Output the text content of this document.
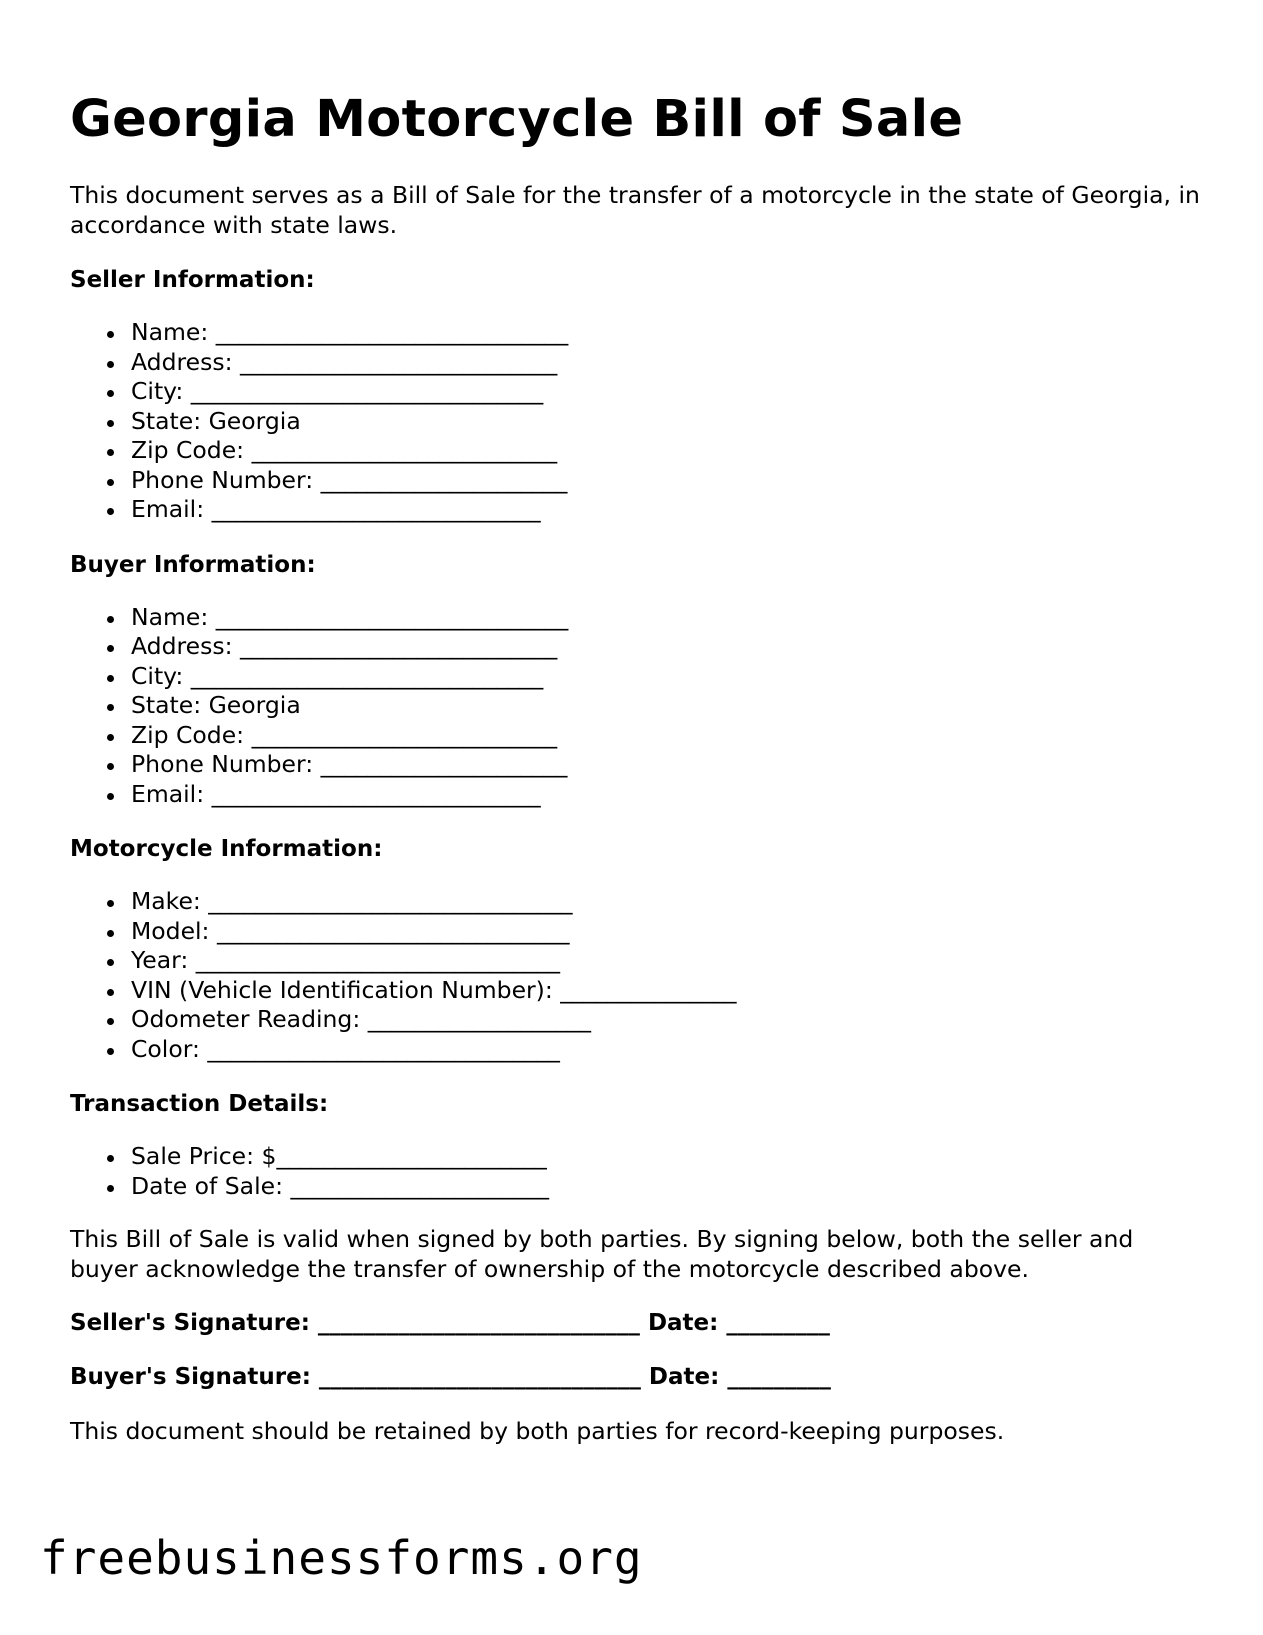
Georgia Motorcycle Bill of Sale

This document serves as a Bill of Sale for the transfer of a motorcycle in the state of Georgia, in accordance with state laws.

Seller Information:
Name: ______________________________
Address: ___________________________
City: ______________________________
State: Georgia
Zip Code: __________________________
Phone Number: _____________________
Email: ____________________________
Buyer Information:
Name: ______________________________
Address: ___________________________
City: ______________________________
State: Georgia
Zip Code: __________________________
Phone Number: _____________________
Email: ____________________________
Motorcycle Information:
Make: _______________________________
Model: ______________________________
Year: _______________________________
VIN (Vehicle Identification Number): _______________
Odometer Reading: ___________________
Color: ______________________________
Transaction Details:
Sale Price: $_______________________
Date of Sale: ______________________

This Bill of Sale is valid when signed by both parties. By signing below, both the seller and buyer acknowledge the transfer of ownership of the motorcycle described above.

Seller's Signature: ____________________________ Date: _________
Buyer's Signature: ____________________________ Date: _________

This document should be retained by both parties for record-keeping purposes.

freebusinessforms.org
